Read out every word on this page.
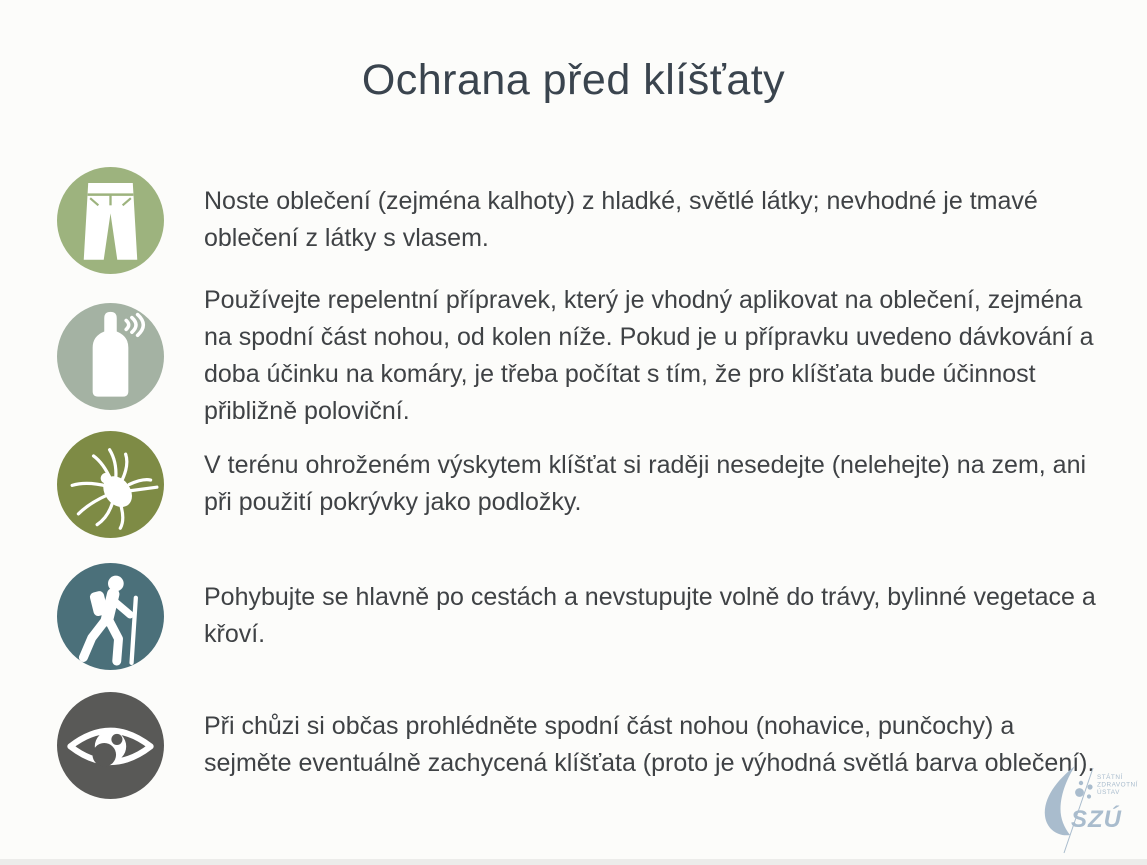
Ochrana před klíšťaty

Noste oblečení (zejména kalhoty) z hladké, světlé látky; nevhodné je tmavé oblečení z látky s vlasem.

Používejte repelentní přípravek, který je vhodný aplikovat na oblečení, zejména na spodní část nohou, od kolen níže. Pokud je u přípravku uvedeno dávkování a doba účinku na komáry, je třeba počítat s tím, že pro klíšťata bude účinnost přibližně poloviční.

V terénu ohroženém výskytem klíšťat si raději nesedejte (nelehejte) na zem, ani při použití pokrývky jako podložky.

Pohybujte se hlavně po cestách a nevstupujte volně do trávy, bylinné vegetace a křoví.

Při chůzi si občas prohlédněte spodní část nohou (nohavice, punčochy) a sejměte eventuálně zachycená klíšťata (proto je výhodná světlá barva oblečení).

STÁTNÍ
ZDRAVOTNÍ
ÚSTAV
SZÚ
